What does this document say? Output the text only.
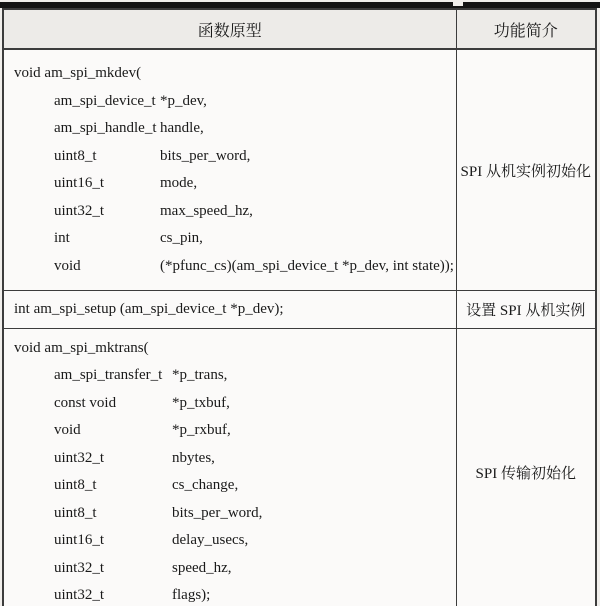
函数原型	功能简介

void am_spi_mkdev(
am_spi_device_t *p_dev,
am_spi_handle_t handle,
uint8_t	bits_per_word,
uint16_t	mode,
uint32_t	max_speed_hz,
int	cs_pin,
void	(*pfunc_cs)(am_spi_device_t *p_dev, int state));
	SPI 从机实例初始化

int am_spi_setup (am_spi_device_t *p_dev);	设置 SPI 从机实例

void am_spi_mktrans(
am_spi_transfer_t *p_trans,
const void	*p_txbuf,
void	*p_rxbuf,
uint32_t	nbytes,
uint8_t	cs_change,
uint8_t	bits_per_word,
uint16_t	delay_usecs,
uint32_t	speed_hz,
uint32_t	flags);
	SPI 传输初始化
